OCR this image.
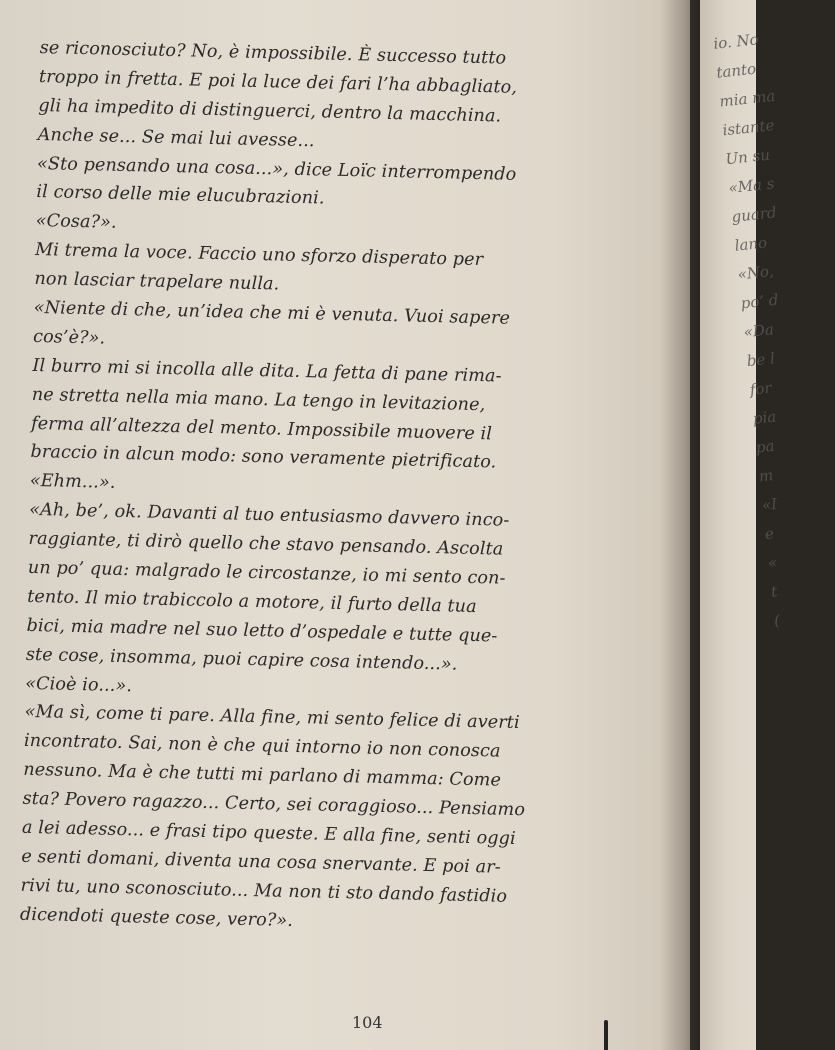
se riconosciuto? No, è impossibile. È successo tutto
troppo in fretta. E poi la luce dei fari l’ha abbagliato,
gli ha impedito di distinguerci, dentro la macchina.
Anche se... Se mai lui avesse...
«Sto pensando una cosa...», dice Loïc interrompendo
il corso delle mie elucubrazioni.
«Cosa?».
Mi trema la voce. Faccio uno sforzo disperato per
non lasciar trapelare nulla.
«Niente di che, un’idea che mi è venuta. Vuoi sapere
cos’è?».
Il burro mi si incolla alle dita. La fetta di pane rima-
ne stretta nella mia mano. La tengo in levitazione,
ferma all’altezza del mento. Impossibile muovere il
braccio in alcun modo: sono veramente pietrificato.
«Ehm...».
«Ah, be’, ok. Davanti al tuo entusiasmo davvero inco-
raggiante, ti dirò quello che stavo pensando. Ascolta
un po’ qua: malgrado le circostanze, io mi sento con-
tento. Il mio trabiccolo a motore, il furto della tua
bici, mia madre nel suo letto d’ospedale e tutte que-
ste cose, insomma, puoi capire cosa intendo...».
«Cioè io...».
«Ma sì, come ti pare. Alla fine, mi sento felice di averti
incontrato. Sai, non è che qui intorno io non conosca
nessuno. Ma è che tutti mi parlano di mamma: Come
sta? Povero ragazzo... Certo, sei coraggioso... Pensiamo
a lei adesso... e frasi tipo queste. E alla fine, senti oggi
e senti domani, diventa una cosa snervante. E poi ar-
rivi tu, uno sconosciuto... Ma non ti sto dando fastidio
dicendoti queste cose, vero?».
104
io. No
tanto
mia ma
istante
Un su
«Ma s
guard
lano
«No,
po’ d
«Da
be l
for
pia
pa
m
«I
e
«
t
(
